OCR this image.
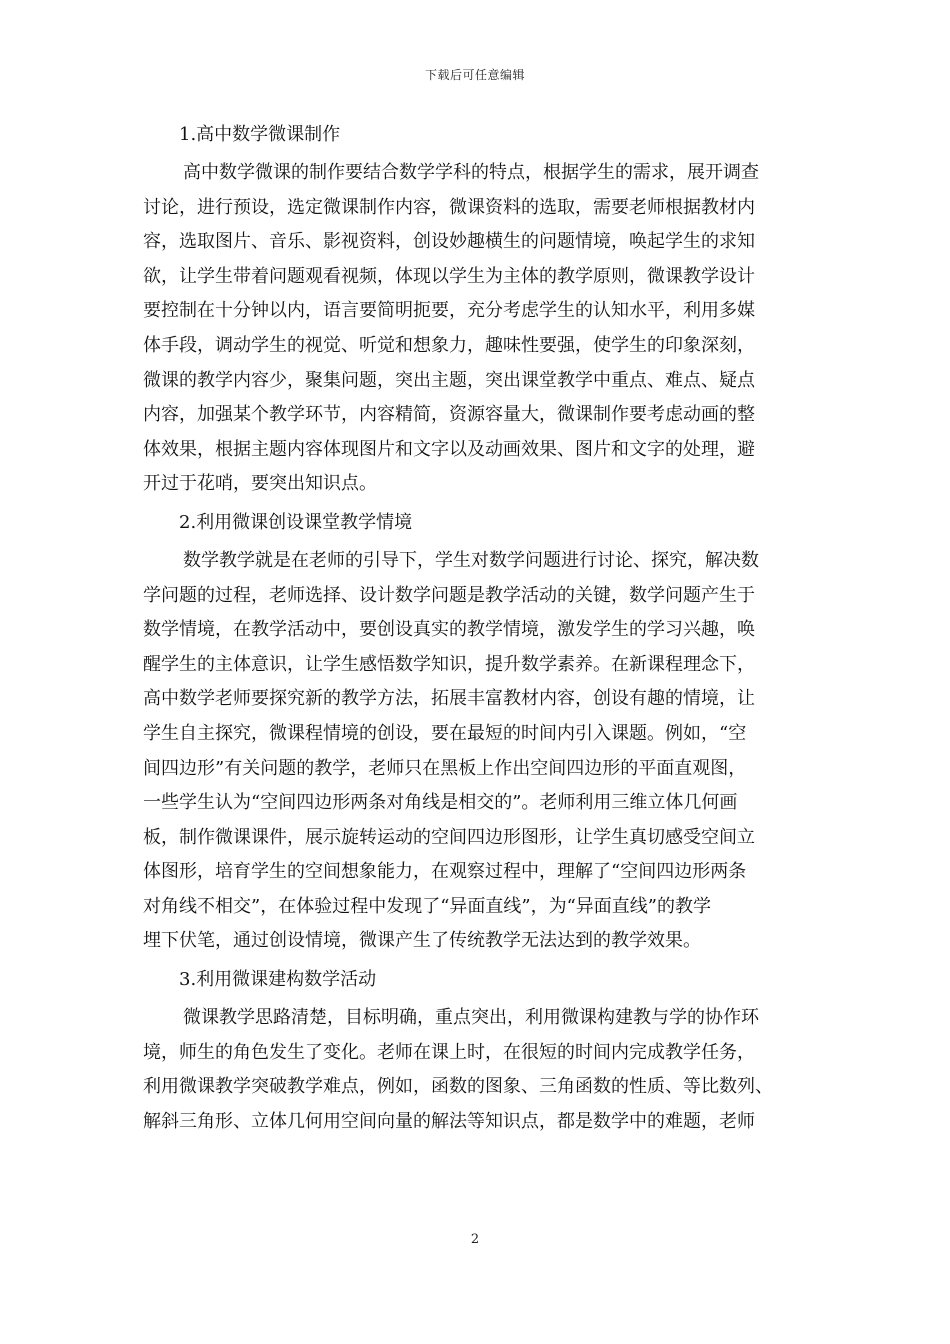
下载后可任意编辑
1.高中数学微课制作
高中数学微课的制作要结合数学学科的特点，根据学生的需求，展开调查
讨论，进行预设，选定微课制作内容，微课资料的选取，需要老师根据教材内
容，选取图片、音乐、影视资料，创设妙趣横生的问题情境，唤起学生的求知
欲，让学生带着问题观看视频，体现以学生为主体的教学原则，微课教学设计
要控制在十分钟以内，语言要简明扼要，充分考虑学生的认知水平，利用多媒
体手段，调动学生的视觉、听觉和想象力，趣味性要强，使学生的印象深刻，
微课的教学内容少，聚集问题，突出主题，突出课堂教学中重点、难点、疑点
内容，加强某个教学环节，内容精简，资源容量大，微课制作要考虑动画的整
体效果，根据主题内容体现图片和文字以及动画效果、图片和文字的处理，避
开过于花哨，要突出知识点。
2.利用微课创设课堂教学情境
数学教学就是在老师的引导下，学生对数学问题进行讨论、探究，解决数
学问题的过程，老师选择、设计数学问题是教学活动的关键，数学问题产生于
数学情境，在教学活动中，要创设真实的教学情境，激发学生的学习兴趣，唤
醒学生的主体意识，让学生感悟数学知识，提升数学素养。在新课程理念下，
高中数学老师要探究新的教学方法，拓展丰富教材内容，创设有趣的情境，让
学生自主探究，微课程情境的创设，要在最短的时间内引入课题。例如，“空
间四边形”有关问题的教学，老师只在黑板上作出空间四边形的平面直观图，
一些学生认为“空间四边形两条对角线是相交的”。老师利用三维立体几何画
板，制作微课课件，展示旋转运动的空间四边形图形，让学生真切感受空间立
体图形，培育学生的空间想象能力，在观察过程中，理解了“空间四边形两条
对角线不相交”，在体验过程中发现了“异面直线”，为“异面直线”的教学
埋下伏笔，通过创设情境，微课产生了传统教学无法达到的教学效果。
3.利用微课建构数学活动
微课教学思路清楚，目标明确，重点突出，利用微课构建教与学的协作环
境，师生的角色发生了变化。老师在课上时，在很短的时间内完成教学任务，
利用微课教学突破教学难点，例如，函数的图象、三角函数的性质、等比数列、
解斜三角形、立体几何用空间向量的解法等知识点，都是数学中的难题，老师
2
